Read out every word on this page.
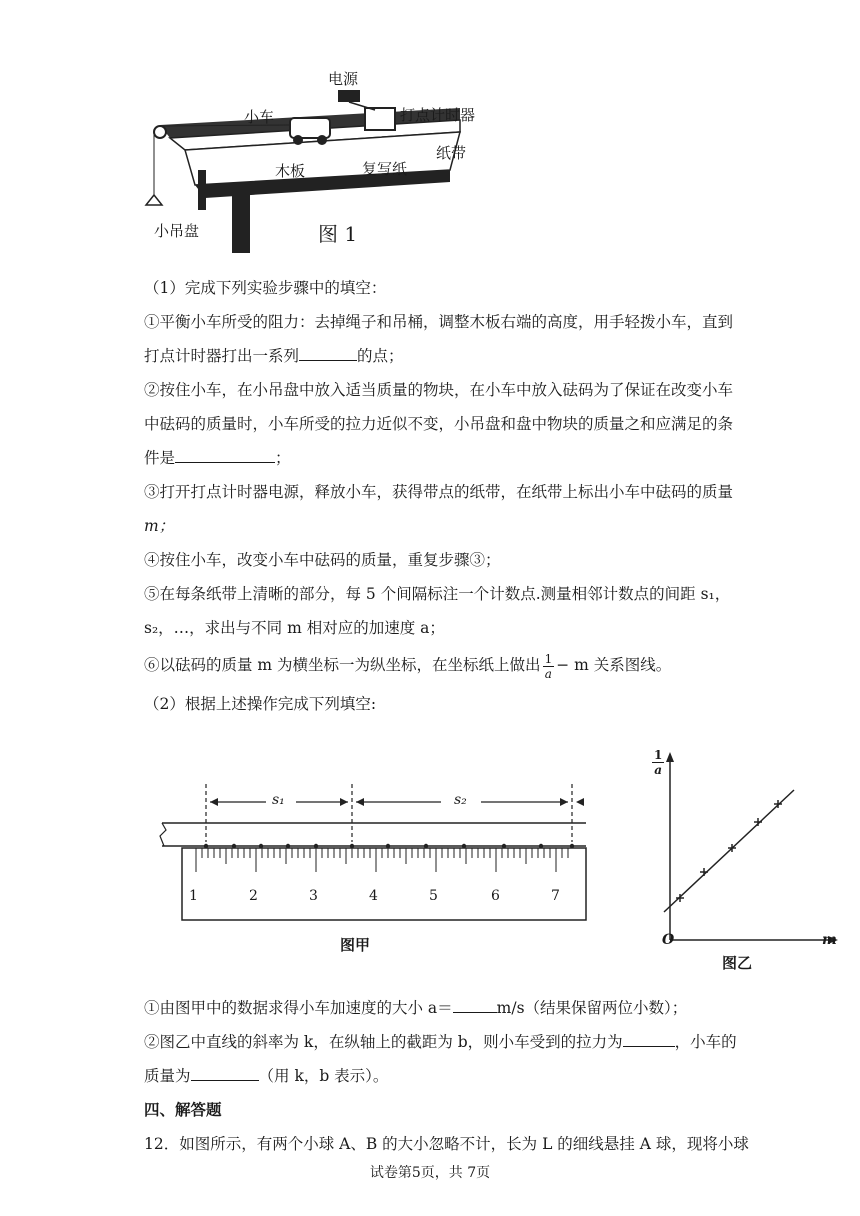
电源
小车	打点计时器
纸带
木板	复写纸
小吊盘	图 1
（1）完成下列实验步骤中的填空：
①平衡小车所受的阻力：去掉绳子和吊桶，调整木板右端的高度，用手轻拨小车，直到
打点计时器打出一系列	的点；
②按住小车，在小吊盘中放入适当质量的物块，在小车中放入砝码为了保证在改变小车
中砝码的质量时，小车所受的拉力近似不变，小吊盘和盘中物块的质量之和应满足的条
件是	；
③打开打点计时器电源，释放小车，获得带点的纸带，在纸带上标出小车中砝码的质量
m；
④按住小车，改变小车中砝码的质量，重复步骤③；
⑤在每条纸带上清晰的部分，每 5 个间隔标注一个计数点.测量相邻计数点的间距 s₁，
s₂，…，求出与不同 m 相对应的加速度 a；
⑥以砝码的质量 m 为横坐标一为纵坐标，在坐标纸上做出 $\frac{1}{a} - m$ 关系图线。
（2）根据上述操作完成下列填空:
s₁	s₂
1	2	3	4	5	6	7
图甲
$\frac{1}{a}$
O	m
图乙
①由图甲中的数据求得小车加速度的大小 a＝	m/s（结果保留两位小数）；
②图乙中直线的斜率为 k，在纵轴上的截距为 b，则小车受到的拉力为	，小车的
质量为	（用 k，b 表示）。
四、解答题
12．如图所示，有两个小球 A、B 的大小忽略不计，长为 L 的细线悬挂 A 球，现将小球
试卷第5页，共 7页
